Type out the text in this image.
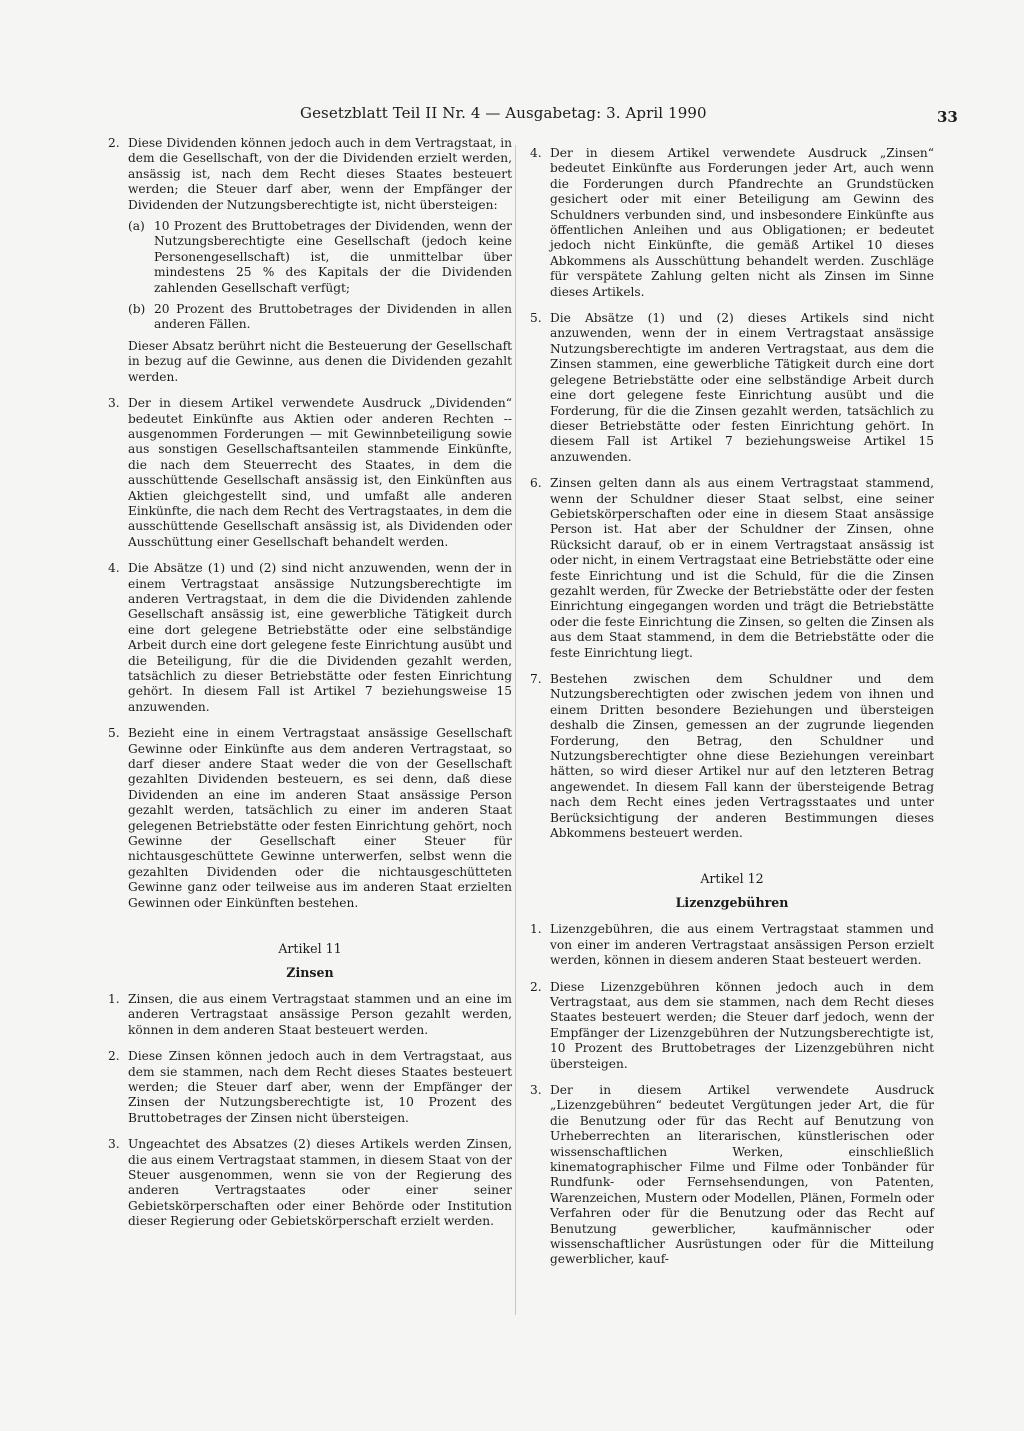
Gesetzblatt Teil II Nr. 4 — Ausgabetag: 3. April 1990	33
2. Diese Dividenden können jedoch auch in dem Vertragstaat, in dem die Gesellschaft, von der die Dividenden erzielt werden, ansässig ist, nach dem Recht dieses Staates besteuert werden; die Steuer darf aber, wenn der Empfänger der Dividenden der Nutzungsberechtigte ist, nicht übersteigen:

(a) 10 Prozent des Bruttobetrages der Dividenden, wenn der Nutzungsberechtigte eine Gesellschaft (jedoch keine Personengesellschaft) ist, die unmittelbar über mindestens 25 % des Kapitals der die Dividenden zahlenden Gesellschaft verfügt;
(b) 20 Prozent des Bruttobetrages der Dividenden in allen anderen Fällen.

Dieser Absatz berührt nicht die Besteuerung der Gesellschaft in bezug auf die Gewinne, aus denen die Dividenden gezahlt werden.

3. Der in diesem Artikel verwendete Ausdruck „Dividenden“ bedeutet Einkünfte aus Aktien oder anderen Rechten -- ausgenommen Forderungen — mit Gewinnbeteiligung sowie aus sonstigen Gesellschaftsanteilen stammende Einkünfte, die nach dem Steuerrecht des Staates, in dem die ausschüttende Gesellschaft ansässig ist, den Einkünften aus Aktien gleichgestellt sind, und umfaßt alle anderen Einkünfte, die nach dem Recht des Vertragstaates, in dem die ausschüttende Gesellschaft ansässig ist, als Dividenden oder Ausschüttung einer Gesellschaft behandelt werden.
4. Die Absätze (1) und (2) sind nicht anzuwenden, wenn der in einem Vertragstaat ansässige Nutzungsberechtigte im anderen Vertragstaat, in dem die die Dividenden zahlende Gesellschaft ansässig ist, eine gewerbliche Tätigkeit durch eine dort gelegene Betriebstätte oder eine selbständige Arbeit durch eine dort gelegene feste Einrichtung ausübt und die Beteiligung, für die die Dividenden gezahlt werden, tatsächlich zu dieser Betriebstätte oder festen Einrichtung gehört. In diesem Fall ist Artikel 7 beziehungsweise 15 anzuwenden.
5. Bezieht eine in einem Vertragstaat ansässige Gesellschaft Gewinne oder Einkünfte aus dem anderen Vertragstaat, so darf dieser andere Staat weder die von der Gesellschaft gezahlten Dividenden besteuern, es sei denn, daß diese Dividenden an eine im anderen Staat ansässige Person gezahlt werden, tatsächlich zu einer im anderen Staat gelegenen Betriebstätte oder festen Einrichtung gehört, noch Gewinne der Gesellschaft einer Steuer für nichtausgeschüttete Gewinne unterwerfen, selbst wenn die gezahlten Dividenden oder die nichtausgeschütteten Gewinne ganz oder teilweise aus im anderen Staat erzielten Gewinnen oder Einkünften bestehen.
Artikel 11
Zinsen
1. Zinsen, die aus einem Vertragstaat stammen und an eine im anderen Vertragstaat ansässige Person gezahlt werden, können in dem anderen Staat besteuert werden.
2. Diese Zinsen können jedoch auch in dem Vertragstaat, aus dem sie stammen, nach dem Recht dieses Staates besteuert werden; die Steuer darf aber, wenn der Empfänger der Zinsen der Nutzungsberechtigte ist, 10 Prozent des Bruttobetrages der Zinsen nicht übersteigen.
3. Ungeachtet des Absatzes (2) dieses Artikels werden Zinsen, die aus einem Vertragstaat stammen, in diesem Staat von der Steuer ausgenommen, wenn sie von der Regierung des anderen Vertragstaates oder einer seiner Gebietskörperschaften oder einer Behörde oder Institution dieser Regierung oder Gebietskörperschaft erzielt werden.
4. Der in diesem Artikel verwendete Ausdruck „Zinsen“ bedeutet Einkünfte aus Forderungen jeder Art, auch wenn die Forderungen durch Pfandrechte an Grundstücken gesichert oder mit einer Beteiligung am Gewinn des Schuldners verbunden sind, und insbesondere Einkünfte aus öffentlichen Anleihen und aus Obligationen; er bedeutet jedoch nicht Einkünfte, die gemäß Artikel 10 dieses Abkommens als Ausschüttung behandelt werden. Zuschläge für verspätete Zahlung gelten nicht als Zinsen im Sinne dieses Artikels.
5. Die Absätze (1) und (2) dieses Artikels sind nicht anzuwenden, wenn der in einem Vertragstaat ansässige Nutzungsberechtigte im anderen Vertragstaat, aus dem die Zinsen stammen, eine gewerbliche Tätigkeit durch eine dort gelegene Betriebstätte oder eine selbständige Arbeit durch eine dort gelegene feste Einrichtung ausübt und die Forderung, für die die Zinsen gezahlt werden, tatsächlich zu dieser Betriebstätte oder festen Einrichtung gehört. In diesem Fall ist Artikel 7 beziehungsweise Artikel 15 anzuwenden.
6. Zinsen gelten dann als aus einem Vertragstaat stammend, wenn der Schuldner dieser Staat selbst, eine seiner Gebietskörperschaften oder eine in diesem Staat ansässige Person ist. Hat aber der Schuldner der Zinsen, ohne Rücksicht darauf, ob er in einem Vertragstaat ansässig ist oder nicht, in einem Vertragstaat eine Betriebstätte oder eine feste Einrichtung und ist die Schuld, für die die Zinsen gezahlt werden, für Zwecke der Betriebstätte oder der festen Einrichtung eingegangen worden und trägt die Betriebstätte oder die feste Einrichtung die Zinsen, so gelten die Zinsen als aus dem Staat stammend, in dem die Betriebstätte oder die feste Einrichtung liegt.
7. Bestehen zwischen dem Schuldner und dem Nutzungsberechtigten oder zwischen jedem von ihnen und einem Dritten besondere Beziehungen und übersteigen deshalb die Zinsen, gemessen an der zugrunde liegenden Forderung, den Betrag, den Schuldner und Nutzungsberechtigter ohne diese Beziehungen vereinbart hätten, so wird dieser Artikel nur auf den letzteren Betrag angewendet. In diesem Fall kann der übersteigende Betrag nach dem Recht eines jeden Vertragsstaates und unter Berücksichtigung der anderen Bestimmungen dieses Abkommens besteuert werden.
Artikel 12
Lizenzgebühren
1. Lizenzgebühren, die aus einem Vertragstaat stammen und von einer im anderen Vertragstaat ansässigen Person erzielt werden, können in diesem anderen Staat besteuert werden.
2. Diese Lizenzgebühren können jedoch auch in dem Vertragstaat, aus dem sie stammen, nach dem Recht dieses Staates besteuert werden; die Steuer darf jedoch, wenn der Empfänger der Lizenzgebühren der Nutzungsberechtigte ist, 10 Prozent des Bruttobetrages der Lizenzgebühren nicht übersteigen.
3. Der in diesem Artikel verwendete Ausdruck „Lizenzgebühren“ bedeutet Vergütungen jeder Art, die für die Benutzung oder für das Recht auf Benutzung von Urheberrechten an literarischen, künstlerischen oder wissenschaftlichen Werken, einschließlich kinematographischer Filme und Filme oder Tonbänder für Rundfunk- oder Fernsehsendungen, von Patenten, Warenzeichen, Mustern oder Modellen, Plänen, Formeln oder Verfahren oder für die Benutzung oder das Recht auf Benutzung gewerblicher, kaufmännischer oder wissenschaftlicher Ausrüstungen oder für die Mitteilung gewerblicher, kauf-
